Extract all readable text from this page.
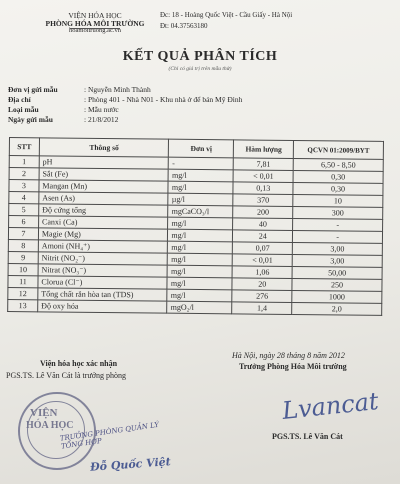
VIỆN HÓA HỌC
PHÒNG HÓA MÔI TRƯỜNG
hoamoitruong.ac.vn
Đc: 18 - Hoàng Quốc Việt - Cầu Giấy - Hà Nội
Đt: 04.37563180
KẾT QUẢ PHÂN TÍCH
(Chỉ có giá trị trên mẫu thử)
Đơn vị gửi mẫu	: Nguyễn Minh Thành
Địa chỉ	: Phòng 401 - Nhà N01 - Khu nhà ở để bán Mỹ Đình
Loại mẫu	: Mẫu nước
Ngày gửi mẫu	: 21/8/2012
STT	Thông số	Đơn vị	Hàm lượng	QCVN 01:2009/BYT
1	pH	-	7,81	6,50 - 8,50
2	Sắt (Fe)	mg/l	< 0,01	0,30
3	Mangan (Mn)	mg/l	0,13	0,30
4	Asen (As)	µg/l	370	10
5	Độ cứng tổng	mgCaCO₃/l	200	300
6	Canxi (Ca)	mg/l	40	-
7	Magie (Mg)	mg/l	24	-
8	Amoni (NH₄⁺)	mg/l	0,07	3,00
9	Nitrit (NO₂⁻)	mg/l	< 0,01	3,00
10	Nitrat (NO₃⁻)	mg/l	1,06	50,00
11	Clorua (Cl⁻)	mg/l	20	250
12	Tổng chất rắn hòa tan (TDS)	mg/l	276	1000
13	Độ oxy hóa	mgO₂/l	1,4	2,0
Hà Nội, ngày 28 tháng 8 năm 2012
Viện hóa học xác nhận
PGS.TS. Lê Văn Cát là trưởng phòng
Trưởng Phòng Hóa Môi trường
Lvancat
PGS.TS. Lê Văn Cát
VIỆN
HÓA HỌC
TRƯỞNG PHÒNG QUẢN LÝ TỔNG HỢP
Đỗ Quốc Việt
